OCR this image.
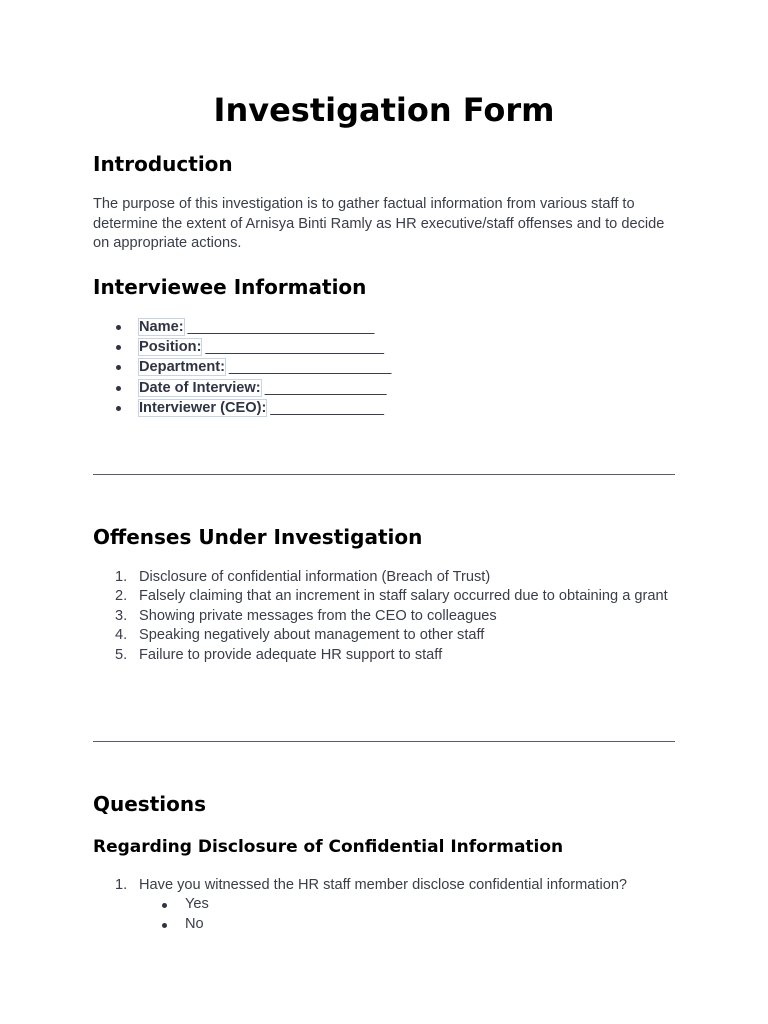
Investigation Form
Introduction

The purpose of this investigation is to gather factual information from various staff to determine the extent of Arnisya Binti Ramly as HR executive/staff offenses and to decide on appropriate actions.

Interviewee Information
Name: _______________________
Position: ______________________
Department: ____________________
Date of Interview: _______________
Interviewer (CEO): ______________
Offenses Under Investigation
1. Disclosure of confidential information (Breach of Trust)
2. Falsely claiming that an increment in staff salary occurred due to obtaining a grant
3. Showing private messages from the CEO to colleagues
4. Speaking negatively about management to other staff
5. Failure to provide adequate HR support to staff
Questions
Regarding Disclosure of Confidential Information
1. Have you witnessed the HR staff member disclose confidential information?
Yes
No
